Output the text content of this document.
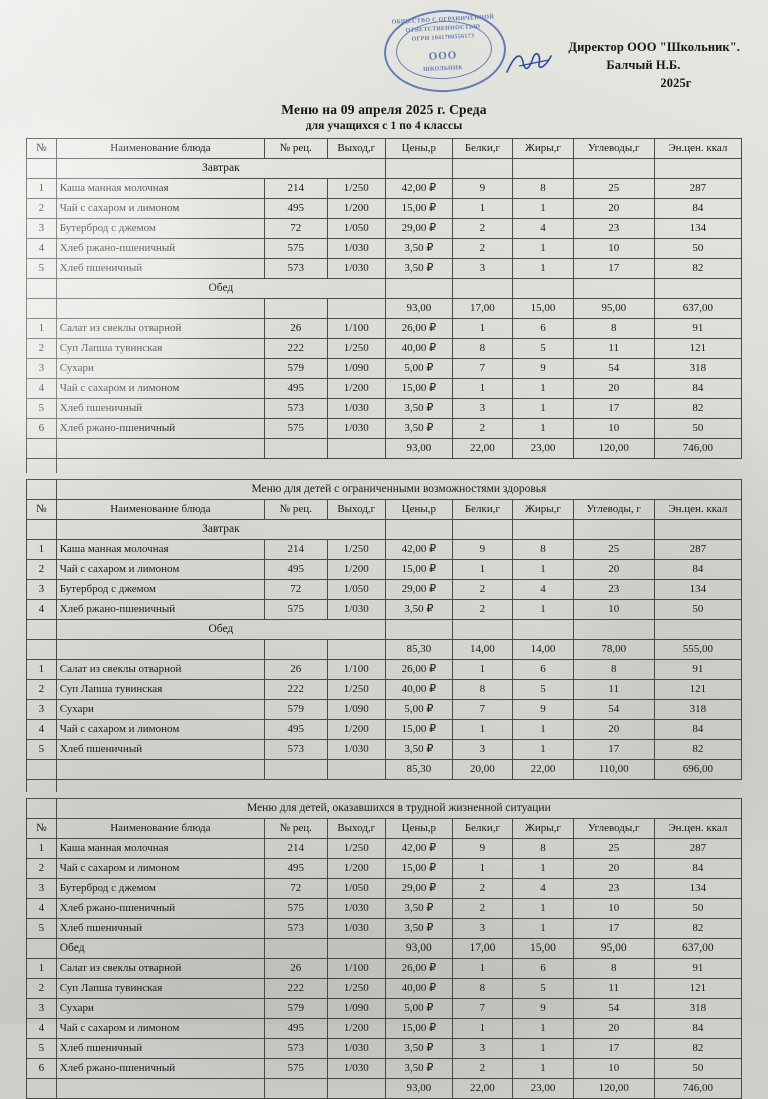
ОБЩЕСТВО С ОГРАНИЧЕННОЙ
ОТВЕТСТВЕННОСТЬЮ
ОГРН 1041700556173
ООО
ШКОЛЬНИК
Директор ООО "Школьник".
Балчый Н.Б.
2025г
Меню на 09 апреля 2025 г. Среда
для учащихся с 1 по 4 классы
№	Наименование блюда	№ рец.	Выход,г	Цены,р	Белки,г	Жиры,г	Углеводы,г	Эн.цен. ккал
	Завтрак							
1	Каша манная молочная	214	1/250	42,00 ₽	9	8	25	287
2	Чай с сахаром и лимоном	495	1/200	15,00 ₽	1	1	20	84
3	Бутерброд с джемом	72	1/050	29,00 ₽	2	4	23	134
4	Хлеб ржано-пшеничный	575	1/030	3,50 ₽	2	1	10	50
5	Хлеб пшеничный	573	1/030	3,50 ₽	3	1	17	82
	Обед							
				93,00	17,00	15,00	95,00	637,00
1	Салат из свеклы отварной	26	1/100	26,00 ₽	1	6	8	91
2	Суп Лапша тувинская	222	1/250	40,00 ₽	8	5	11	121
3	Сухари	579	1/090	5,00 ₽	7	9	54	318
4	Чай с сахаром и лимоном	495	1/200	15,00 ₽	1	1	20	84
5	Хлеб пшеничный	573	1/030	3,50 ₽	3	1	17	82
6	Хлеб ржано-пшеничный	575	1/030	3,50 ₽	2	1	10	50
				93,00	22,00	23,00	120,00	746,00

	Меню для детей с ограниченными возможностями здоровья							
№	Наименование блюда	№ рец.	Выход,г	Цены,р	Белки,г	Жиры,г	Углеводы, г	Эн.цен. ккал
	Завтрак							
1	Каша манная молочная	214	1/250	42,00 ₽	9	8	25	287
2	Чай с сахаром и лимоном	495	1/200	15,00 ₽	1	1	20	84
3	Бутерброд с джемом	72	1/050	29,00 ₽	2	4	23	134
4	Хлеб ржано-пшеничный	575	1/030	3,50 ₽	2	1	10	50
	Обед							
				85,30	14,00	14,00	78,00	555,00
1	Салат из свеклы отварной	26	1/100	26,00 ₽	1	6	8	91
2	Суп Лапша тувинская	222	1/250	40,00 ₽	8	5	11	121
3	Сухари	579	1/090	5,00 ₽	7	9	54	318
4	Чай с сахаром и лимоном	495	1/200	15,00 ₽	1	1	20	84
5	Хлеб пшеничный	573	1/030	3,50 ₽	3	1	17	82
				85,30	20,00	22,00	110,00	696,00

	Меню для детей, оказавшихся в трудной жизненной ситуации							
№	Наименование блюда	№ рец.	Выход,г	Цены,р	Белки,г	Жиры,г	Углеводы,г	Эн.цен. ккал
1	Каша манная молочная	214	1/250	42,00 ₽	9	8	25	287
2	Чай с сахаром и лимоном	495	1/200	15,00 ₽	1	1	20	84
3	Бутерброд с джемом	72	1/050	29,00 ₽	2	4	23	134
4	Хлеб ржано-пшеничный	575	1/030	3,50 ₽	2	1	10	50
5	Хлеб пшеничный	573	1/030	3,50 ₽	3	1	17	82
	Обед			93,00	17,00	15,00	95,00	637,00
1	Салат из свеклы отварной	26	1/100	26,00 ₽	1	6	8	91
2	Суп Лапша тувинская	222	1/250	40,00 ₽	8	5	11	121
3	Сухари	579	1/090	5,00 ₽	7	9	54	318
4	Чай с сахаром и лимоном	495	1/200	15,00 ₽	1	1	20	84
5	Хлеб пшеничный	573	1/030	3,50 ₽	3	1	17	82
6	Хлеб ржано-пшеничный	575	1/030	3,50 ₽	2	1	10	50
				93,00	22,00	23,00	120,00	746,00
